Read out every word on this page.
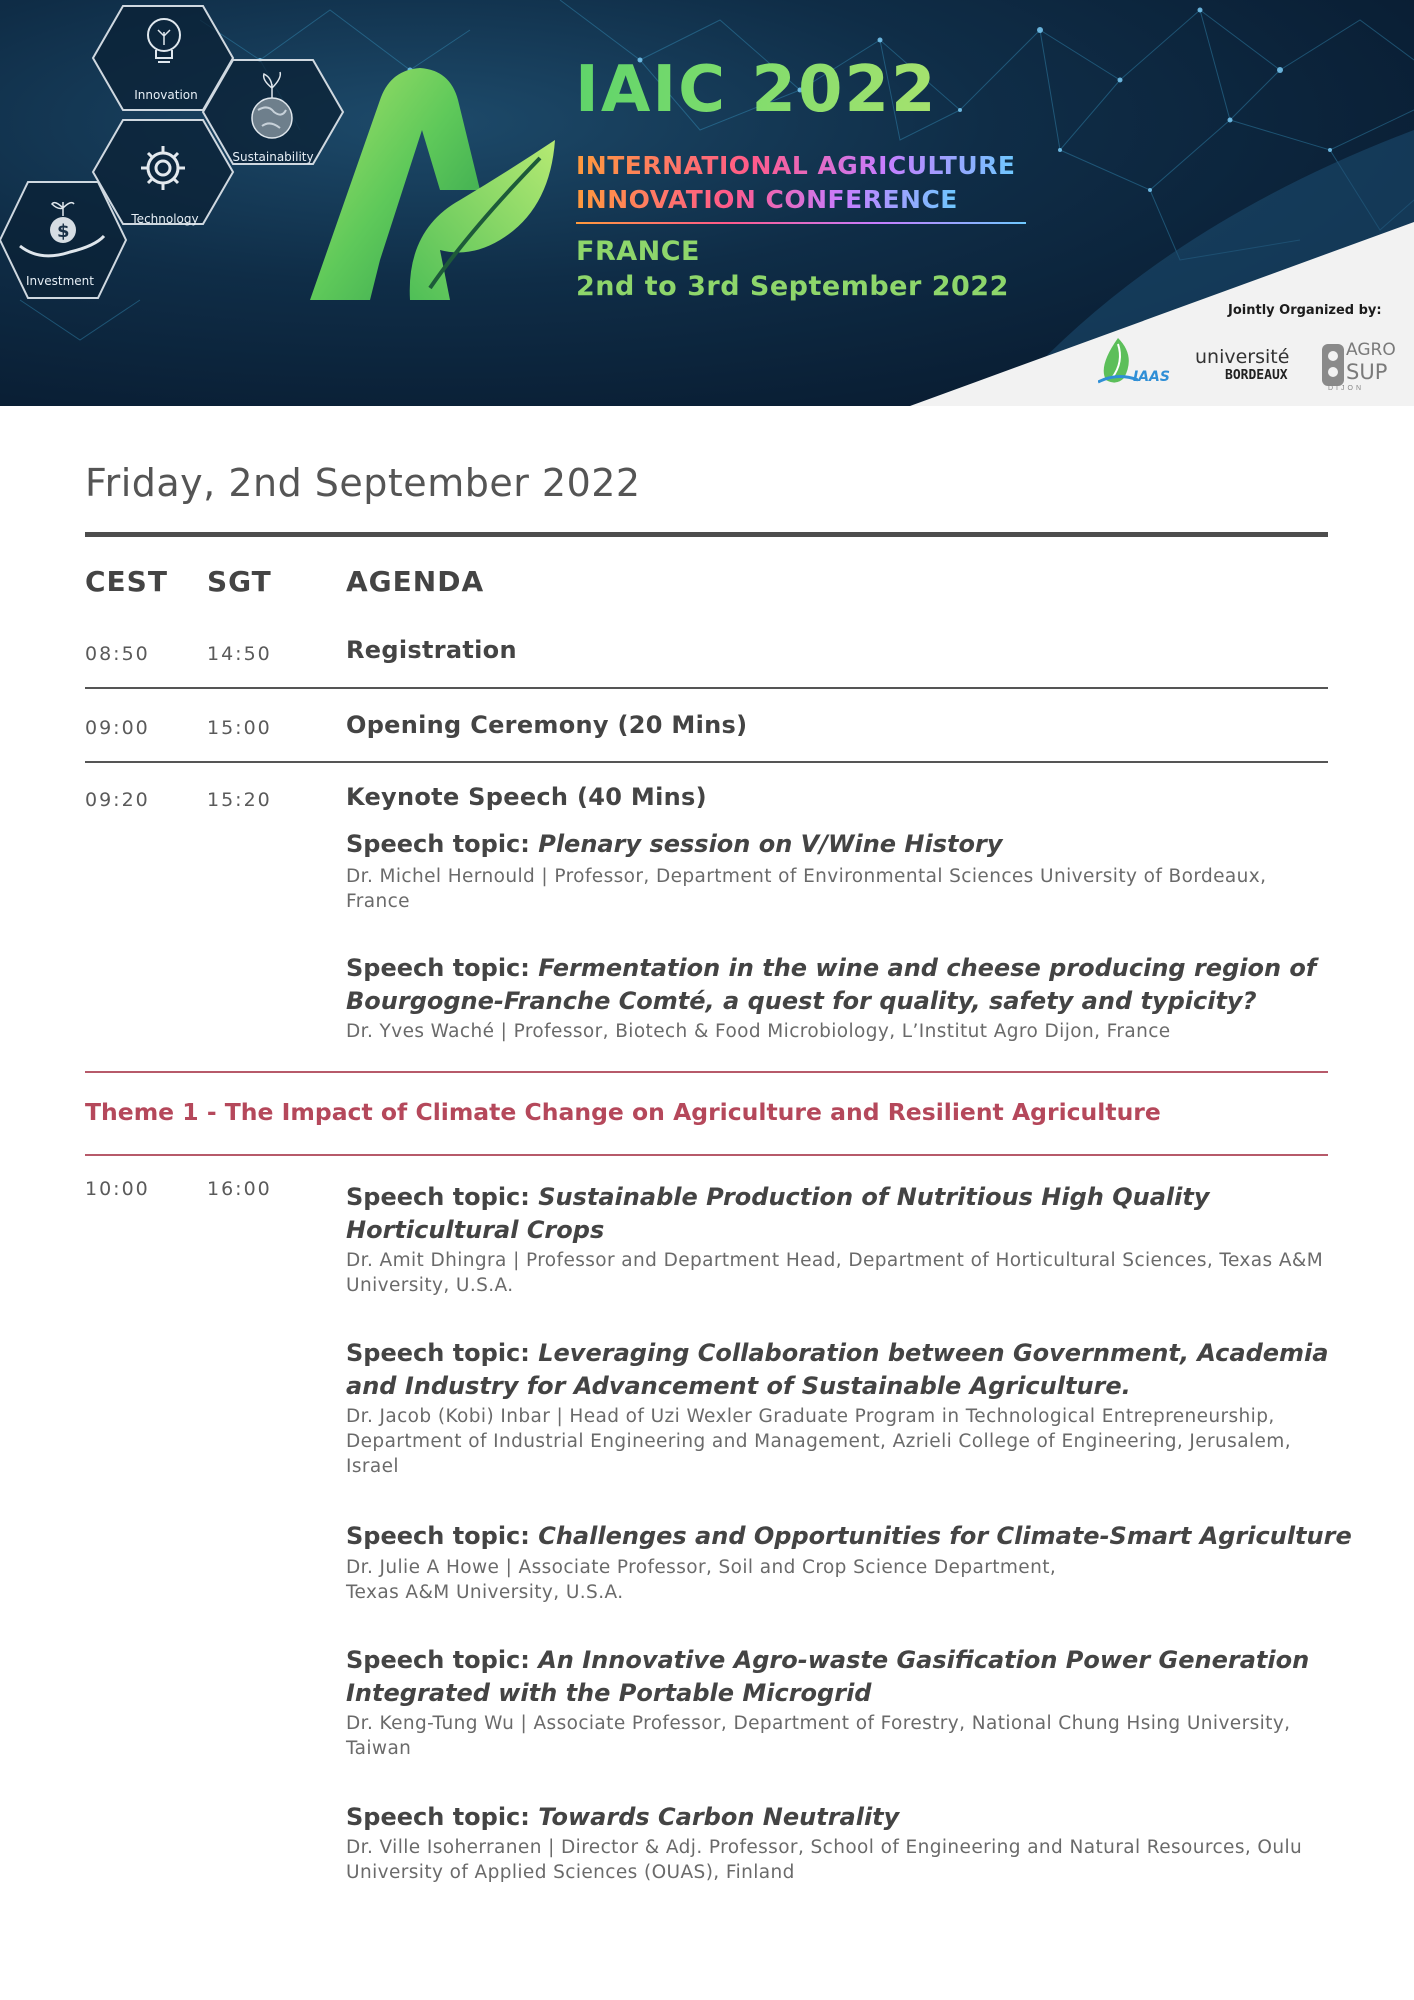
$
Innovation
Sustainability
Technology
Investment
IAIC 2022
INTERNATIONAL AGRICULTURE
INNOVATION CONFERENCE
FRANCE
2nd to 3rd September 2022
Jointly Organized by:
IAAS
université
BORDEAUX
AGRO
SUP
DIJON
Friday, 2nd September 2022
CEST SGT	AGENDA
08:50	14:50	Registration
09:00	15:00	Opening Ceremony (20 Mins)
09:20	15:20	Keynote Speech (40 Mins)
Speech topic: Plenary session on V/Wine History
Dr. Michel Hernould | Professor, Department of Environmental Sciences University of Bordeaux, France
Speech topic: Fermentation in the wine and cheese producing region of Bourgogne-Franche Comté, a quest for quality, safety and typicity?
Dr. Yves Waché | Professor, Biotech & Food Microbiology, L’Institut Agro Dijon, France
Theme 1 - The Impact of Climate Change on Agriculture and Resilient Agriculture
10:00	16:00	Speech topic: Sustainable Production of Nutritious High Quality Horticultural Crops
Dr. Amit Dhingra | Professor and Department Head, Department of Horticultural Sciences, Texas A&M University, U.S.A.
Speech topic: Leveraging Collaboration between Government, Academia and Industry for Advancement of Sustainable Agriculture.
Dr. Jacob (Kobi) Inbar | Head of Uzi Wexler Graduate Program in Technological Entrepreneurship, Department of Industrial Engineering and Management, Azrieli College of Engineering, Jerusalem, Israel
Speech topic: Challenges and Opportunities for Climate-Smart Agriculture
Dr. Julie A Howe | Associate Professor, Soil and Crop Science Department,
Texas A&M University, U.S.A.
Speech topic: An Innovative Agro-waste Gasification Power Generation Integrated with the Portable Microgrid
Dr. Keng-Tung Wu | Associate Professor, Department of Forestry, National Chung Hsing University, Taiwan
Speech topic: Towards Carbon Neutrality
Dr. Ville Isoherranen | Director & Adj. Professor, School of Engineering and Natural Resources, Oulu University of Applied Sciences (OUAS), Finland
